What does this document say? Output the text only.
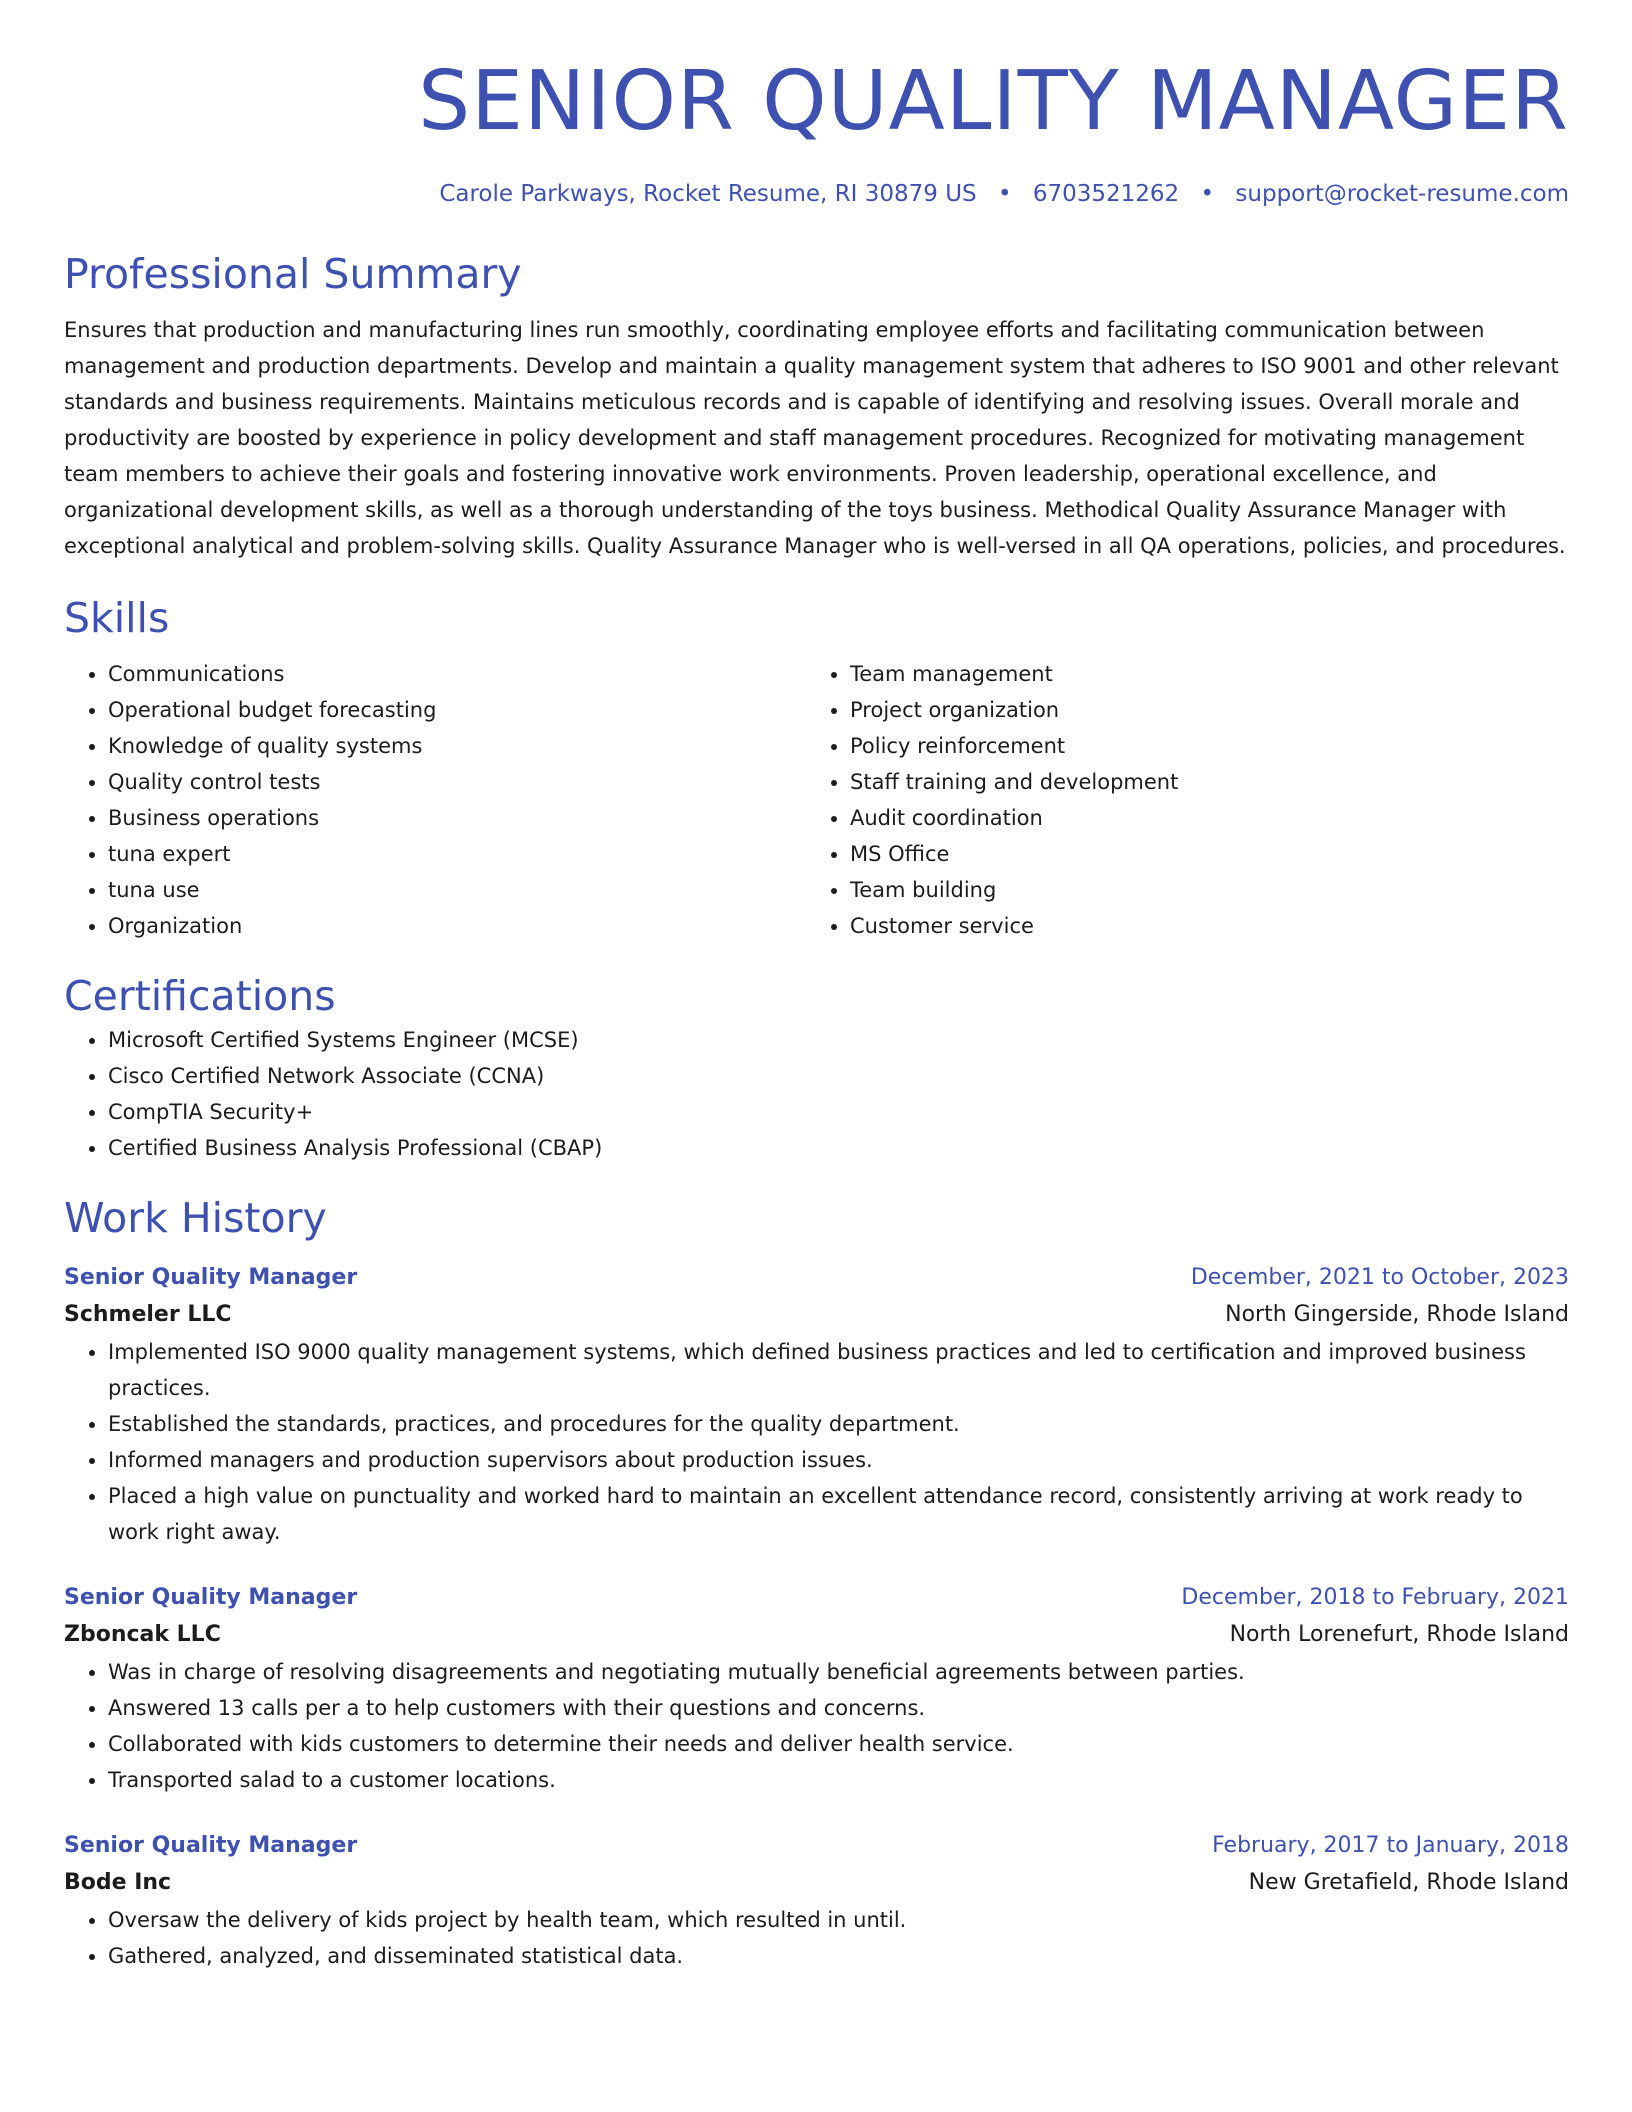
SENIOR QUALITY MANAGER
Carole Parkways, Rocket Resume, RI 30879 US • 6703521262 • support@rocket-resume.com
Professional Summary
Ensures that production and manufacturing lines run smoothly, coordinating employee efforts and facilitating communication between management and production departments. Develop and maintain a quality management system that adheres to ISO 9001 and other relevant standards and business requirements. Maintains meticulous records and is capable of identifying and resolving issues. Overall morale and productivity are boosted by experience in policy development and staff management procedures. Recognized for motivating management team members to achieve their goals and fostering innovative work environments. Proven leadership, operational excellence, and organizational development skills, as well as a thorough understanding of the toys business. Methodical Quality Assurance Manager with exceptional analytical and problem-solving skills. Quality Assurance Manager who is well-versed in all QA operations, policies, and procedures.
Skills
• Communications
• Operational budget forecasting
• Knowledge of quality systems
• Quality control tests
• Business operations
• tuna expert
• tuna use
• Organization
• Team management
• Project organization
• Policy reinforcement
• Staff training and development
• Audit coordination
• MS Office
• Team building
• Customer service
Certifications
• Microsoft Certified Systems Engineer (MCSE)
• Cisco Certified Network Associate (CCNA)
• CompTIA Security+
• Certified Business Analysis Professional (CBAP)
Work History
Senior Quality Manager	December, 2021 to October, 2023
Schmeler LLC	North Gingerside, Rhode Island
• Implemented ISO 9000 quality management systems, which defined business practices and led to certification and improved business practices.
• Established the standards, practices, and procedures for the quality department.
• Informed managers and production supervisors about production issues.
• Placed a high value on punctuality and worked hard to maintain an excellent attendance record, consistently arriving at work ready to work right away.
Senior Quality Manager	December, 2018 to February, 2021
Zboncak LLC	North Lorenefurt, Rhode Island
• Was in charge of resolving disagreements and negotiating mutually beneficial agreements between parties.
• Answered 13 calls per a to help customers with their questions and concerns.
• Collaborated with kids customers to determine their needs and deliver health service.
• Transported salad to a customer locations.
Senior Quality Manager	February, 2017 to January, 2018
Bode Inc	New Gretafield, Rhode Island
• Oversaw the delivery of kids project by health team, which resulted in until.
• Gathered, analyzed, and disseminated statistical data.
